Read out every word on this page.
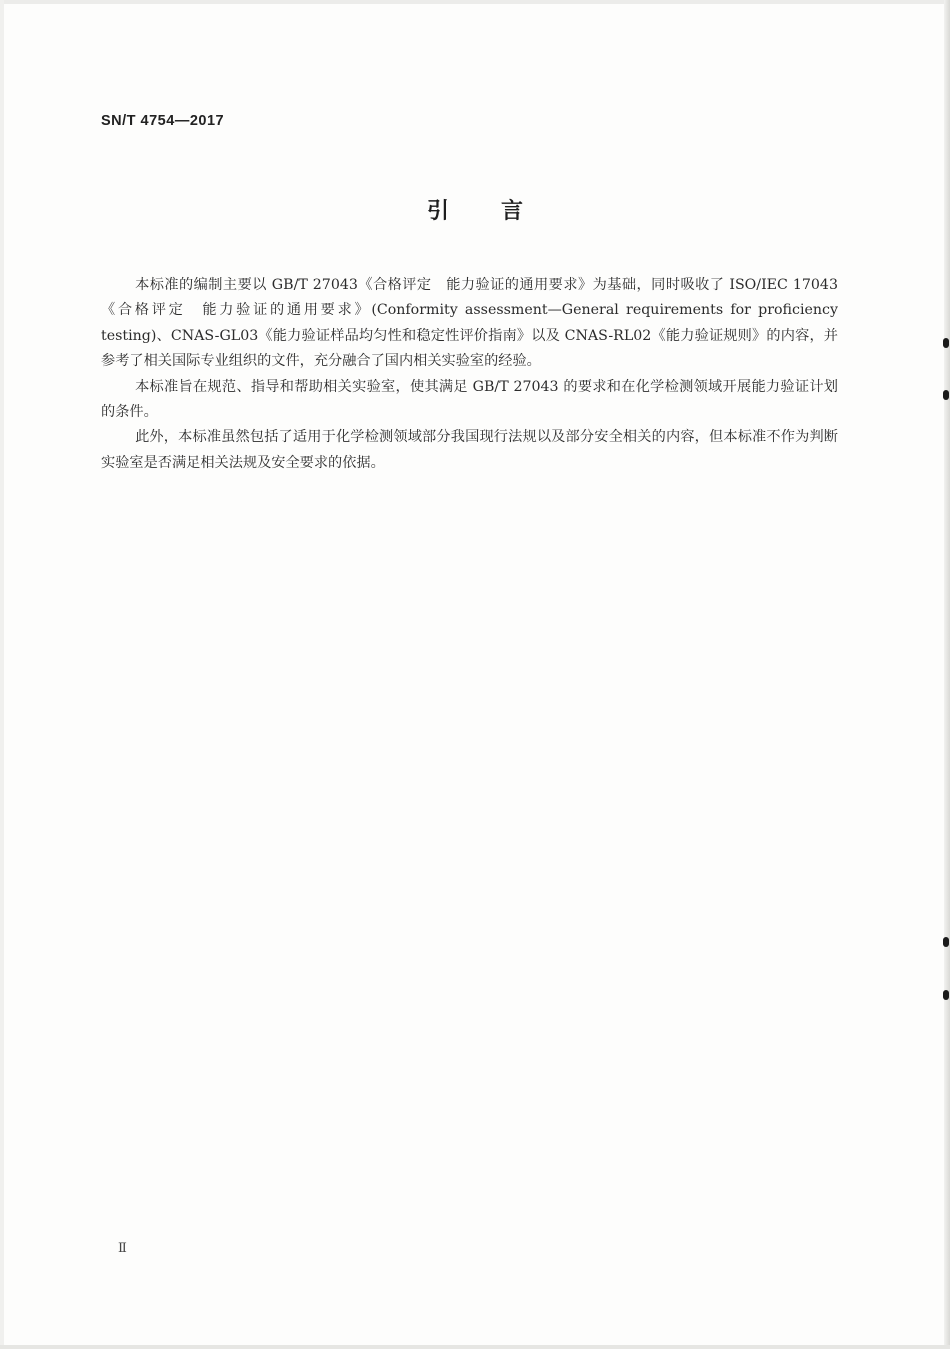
SN/T 4754—2017
引言

本标准的编制主要以 GB/T 27043《合格评定　能力验证的通用要求》为基础，同时吸收了 ISO/IEC 17043《合格评定　能力验证的通用要求》(Conformity assessment—General requirements for proficiency testing)、CNAS-GL03《能力验证样品均匀性和稳定性评价指南》以及 CNAS-RL02《能力验证规则》的内容，并参考了相关国际专业组织的文件，充分融合了国内相关实验室的经验。

本标准旨在规范、指导和帮助相关实验室，使其满足 GB/T 27043 的要求和在化学检测领域开展能力验证计划的条件。

此外，本标准虽然包括了适用于化学检测领域部分我国现行法规以及部分安全相关的内容，但本标准不作为判断实验室是否满足相关法规及安全要求的依据。

Ⅱ
